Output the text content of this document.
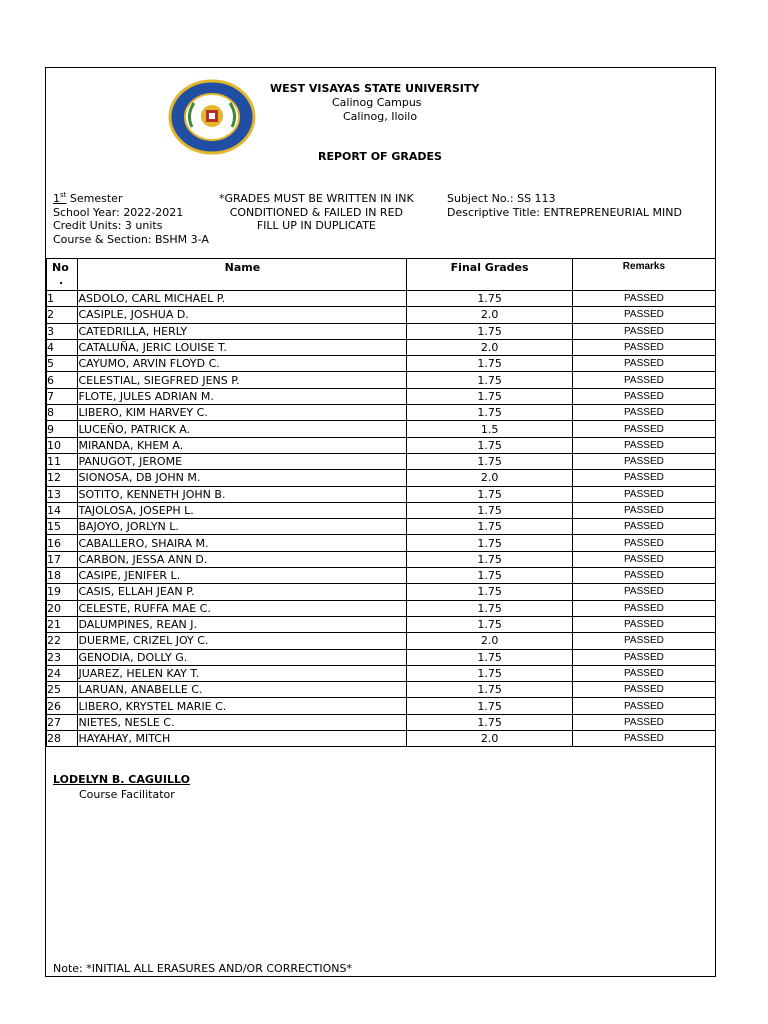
WEST VISAYAS STATE UNIVERSITY
Calinog Campus
Calinog, Iloilo
REPORT OF GRADES
1st Semester
School Year: 2022-2021
Credit Units: 3 units
Course & Section: BSHM 3-A
*GRADES MUST BE WRITTEN IN INK
CONDITIONED & FAILED IN RED
FILL UP IN DUPLICATE
Subject No.: SS 113
Descriptive Title: ENTREPRENEURIAL MIND
No
.	Name	Final Grades	Remarks
1	ASDOLO, CARL MICHAEL P.	1.75	PASSED
2	CASIPLE, JOSHUA D.	2.0	PASSED
3	CATEDRILLA, HERLY	1.75	PASSED
4	CATALUÑA, JERIC LOUISE T.	2.0	PASSED
5	CAYUMO, ARVIN FLOYD C.	1.75	PASSED
6	CELESTIAL, SIEGFRED JENS P.	1.75	PASSED
7	FLOTE, JULES ADRIAN M.	1.75	PASSED
8	LIBERO, KIM HARVEY C.	1.75	PASSED
9	LUCEÑO, PATRICK A.	1.5	PASSED
10	MIRANDA, KHEM A.	1.75	PASSED
11	PANUGOT, JEROME	1.75	PASSED
12	SIONOSA, DB JOHN M.	2.0	PASSED
13	SOTITO, KENNETH JOHN B.	1.75	PASSED
14	TAJOLOSA, JOSEPH L.	1.75	PASSED
15	BAJOYO, JORLYN L.	1.75	PASSED
16	CABALLERO, SHAIRA M.	1.75	PASSED
17	CARBON, JESSA ANN D.	1.75	PASSED
18	CASIPE, JENIFER L.	1.75	PASSED
19	CASIS, ELLAH JEAN P.	1.75	PASSED
20	CELESTE, RUFFA MAE C.	1.75	PASSED
21	DALUMPINES, REAN J.	1.75	PASSED
22	DUERME, CRIZEL JOY C.	2.0	PASSED
23	GENODIA, DOLLY G.	1.75	PASSED
24	JUAREZ, HELEN KAY T.	1.75	PASSED
25	LARUAN, ANABELLE C.	1.75	PASSED
26	LIBERO, KRYSTEL MARIE C.	1.75	PASSED
27	NIETES, NESLE C.	1.75	PASSED
28	HAYAHAY, MITCH	2.0	PASSED
LODELYN B. CAGUILLO
Course Facilitator
Note: *INITIAL ALL ERASURES AND/OR CORRECTIONS*
